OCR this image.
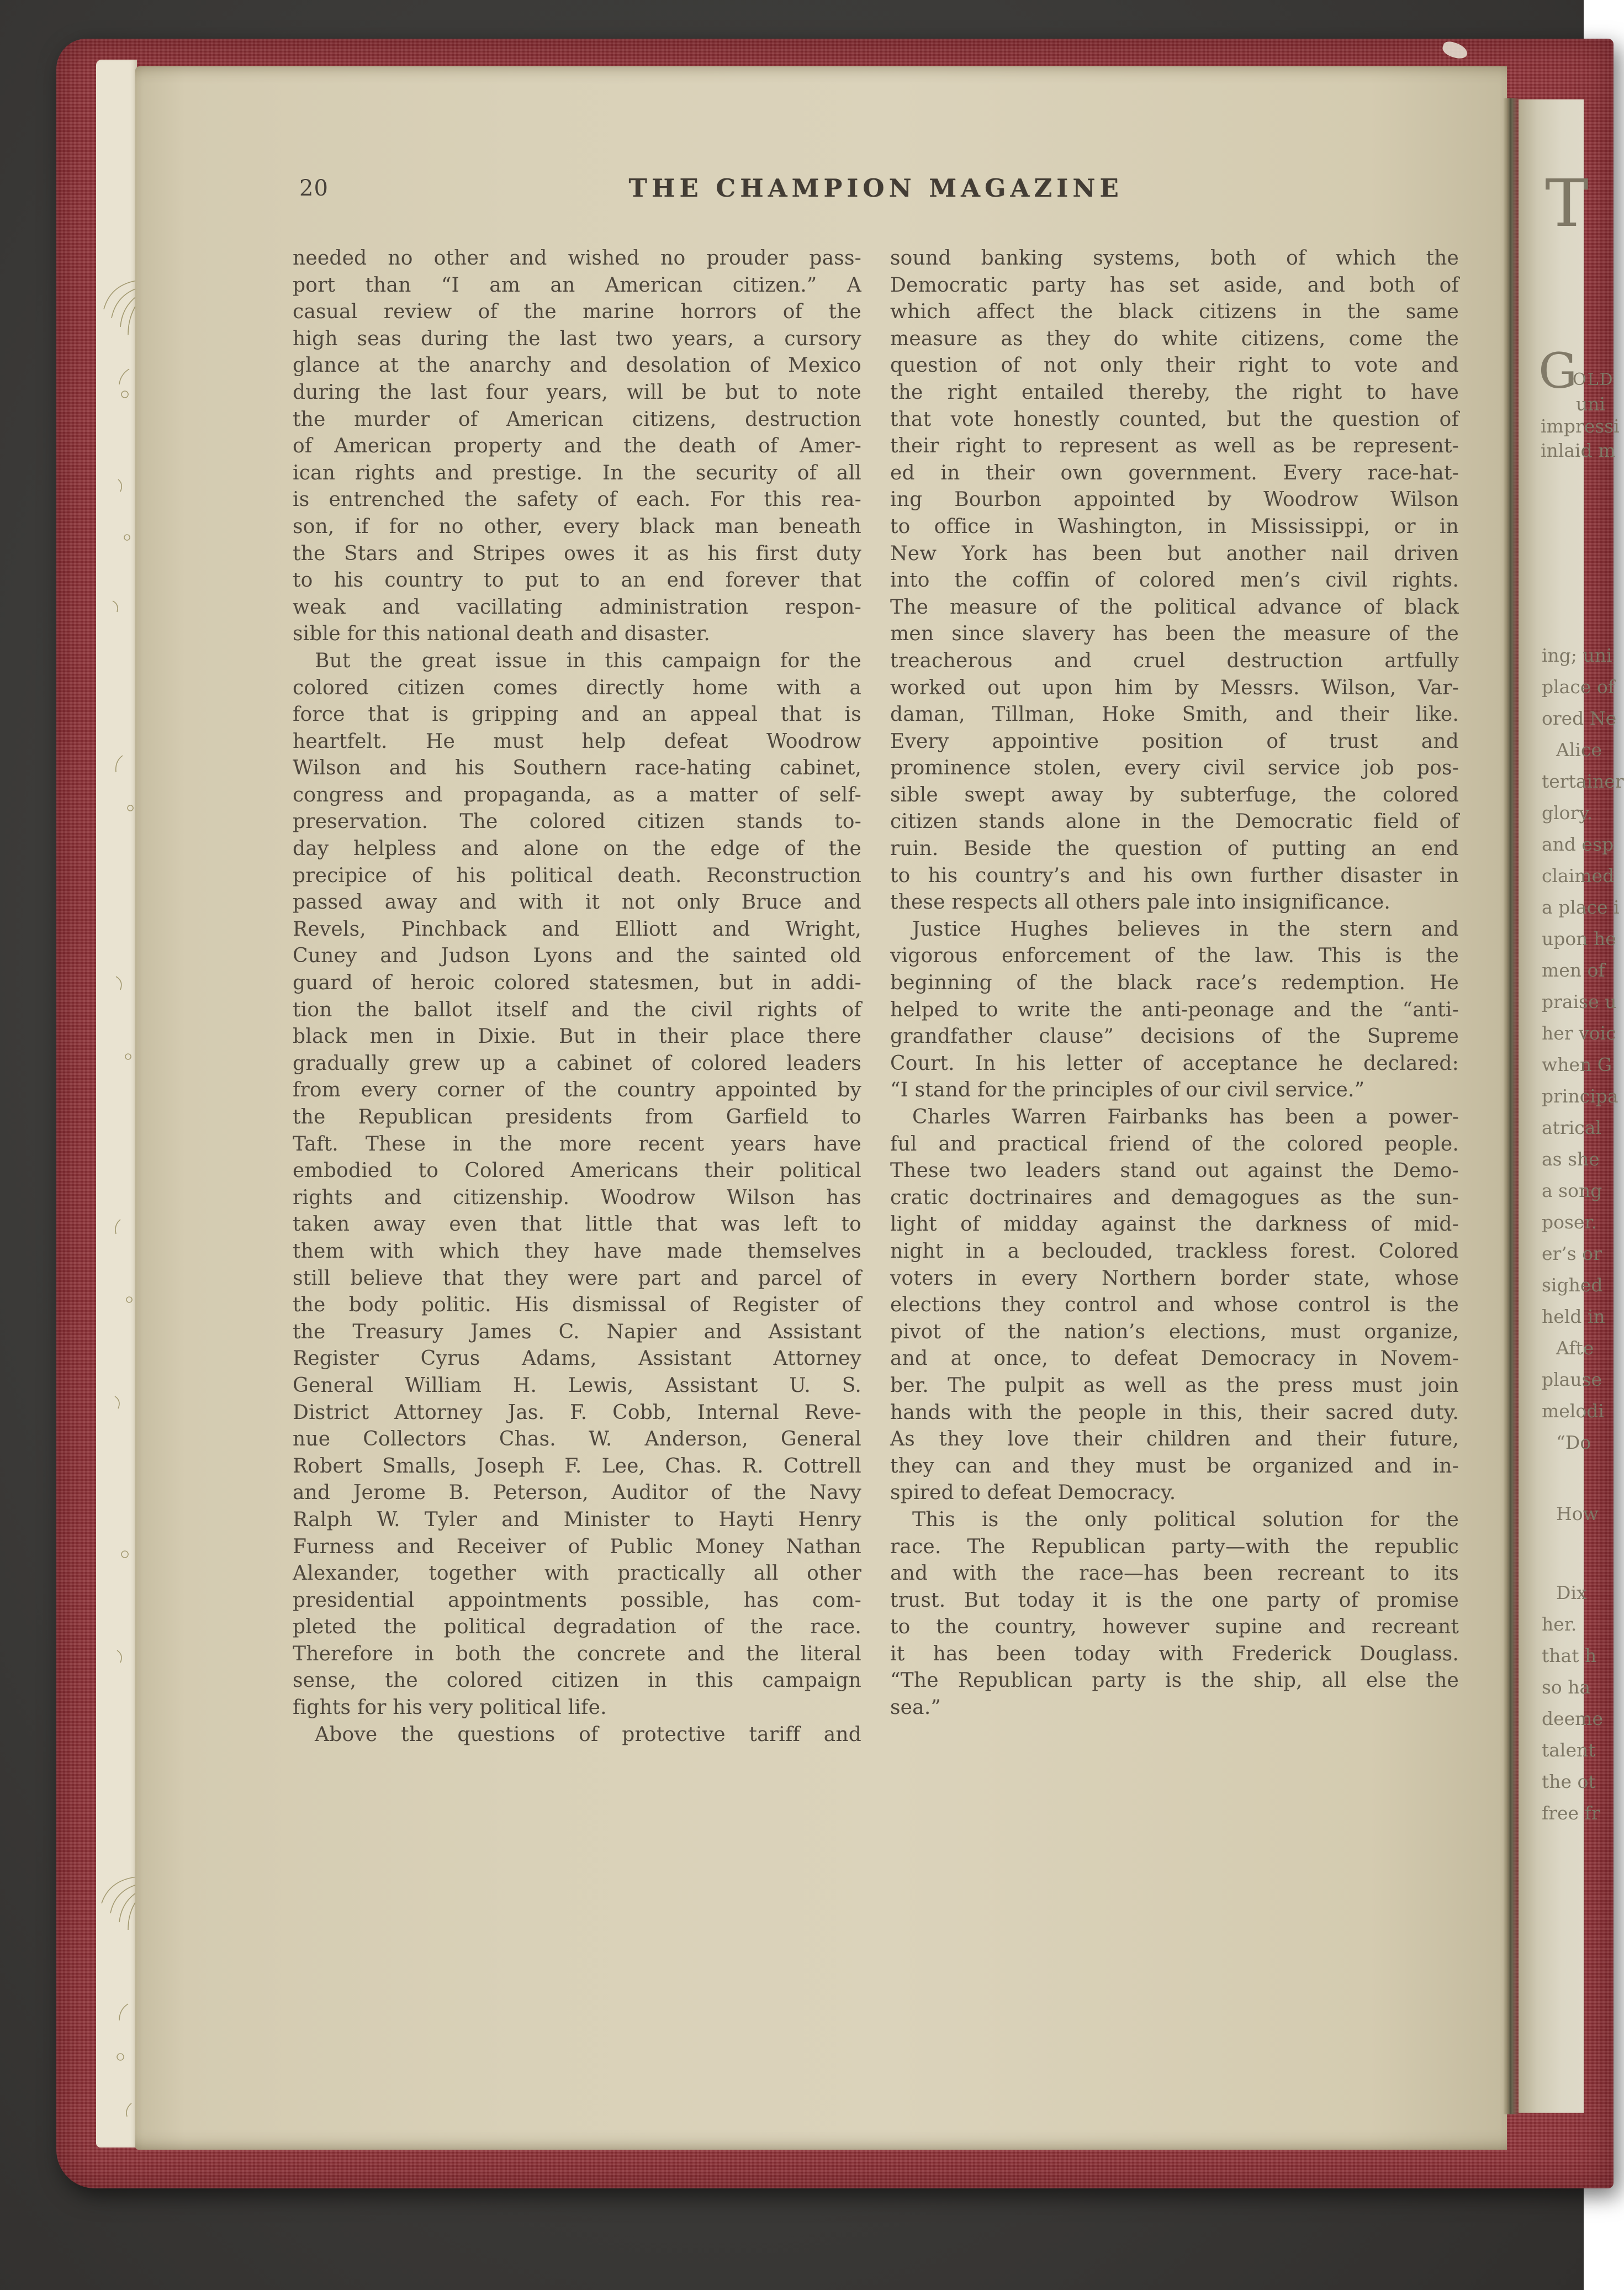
20	THE CHAMPION MAGAZINE
needed no other and wished no prouder pass-
port than “I am an American citizen.” A
casual review of the marine horrors of the
high seas during the last two years, a cursory
glance at the anarchy and desolation of Mexico
during the last four years, will be but to note
the murder of American citizens, destruction
of American property and the death of Amer-
ican rights and prestige. In the security of all
is entrenched the safety of each. For this rea-
son, if for no other, every black man beneath
the Stars and Stripes owes it as his first duty
to his country to put to an end forever that
weak and vacillating administration respon-
sible for this national death and disaster.
But the great issue in this campaign for the
colored citizen comes directly home with a
force that is gripping and an appeal that is
heartfelt. He must help defeat Woodrow
Wilson and his Southern race-hating cabinet,
congress and propaganda, as a matter of self-
preservation. The colored citizen stands to-
day helpless and alone on the edge of the
precipice of his political death. Reconstruction
passed away and with it not only Bruce and
Revels, Pinchback and Elliott and Wright,
Cuney and Judson Lyons and the sainted old
guard of heroic colored statesmen, but in addi-
tion the ballot itself and the civil rights of
black men in Dixie. But in their place there
gradually grew up a cabinet of colored leaders
from every corner of the country appointed by
the Republican presidents from Garfield to
Taft. These in the more recent years have
embodied to Colored Americans their political
rights and citizenship. Woodrow Wilson has
taken away even that little that was left to
them with which they have made themselves
still believe that they were part and parcel of
the body politic. His dismissal of Register of
the Treasury James C. Napier and Assistant
Register Cyrus Adams, Assistant Attorney
General William H. Lewis, Assistant U. S.
District Attorney Jas. F. Cobb, Internal Reve-
nue Collectors Chas. W. Anderson, General
Robert Smalls, Joseph F. Lee, Chas. R. Cottrell
and Jerome B. Peterson, Auditor of the Navy
Ralph W. Tyler and Minister to Hayti Henry
Furness and Receiver of Public Money Nathan
Alexander, together with practically all other
presidential appointments possible, has com-
pleted the political degradation of the race.
Therefore in both the concrete and the literal
sense, the colored citizen in this campaign
fights for his very political life.
Above the questions of protective tariff and
sound banking systems, both of which the
Democratic party has set aside, and both of
which affect the black citizens in the same
measure as they do white citizens, come the
question of not only their right to vote and
the right entailed thereby, the right to have
that vote honestly counted, but the question of
their right to represent as well as be represent-
ed in their own government. Every race-hat-
ing Bourbon appointed by Woodrow Wilson
to office in Washington, in Mississippi, or in
New York has been but another nail driven
into the coffin of colored men’s civil rights.
The measure of the political advance of black
men since slavery has been the measure of the
treacherous and cruel destruction artfully
worked out upon him by Messrs. Wilson, Var-
daman, Tillman, Hoke Smith, and their like.
Every appointive position of trust and
prominence stolen, every civil service job pos-
sible swept away by subterfuge, the colored
citizen stands alone in the Democratic field of
ruin. Beside the question of putting an end
to his country’s and his own further disaster in
these respects all others pale into insignificance.
Justice Hughes believes in the stern and
vigorous enforcement of the law. This is the
beginning of the black race’s redemption. He
helped to write the anti-peonage and the “anti-
grandfather clause” decisions of the Supreme
Court. In his letter of acceptance he declared:
“I stand for the principles of our civil service.”
Charles Warren Fairbanks has been a power-
ful and practical friend of the colored people.
These two leaders stand out against the Demo-
cratic doctrinaires and demagogues as the sun-
light of midday against the darkness of mid-
night in a beclouded, trackless forest. Colored
voters in every Northern border state, whose
elections they control and whose control is the
pivot of the nation’s elections, must organize,
and at once, to defeat Democracy in Novem-
ber. The pulpit as well as the press must join
hands with the people in this, their sacred duty.
As they love their children and their future,
they can and they must be organized and in-
spired to defeat Democracy.
This is the only political solution for the
race. The Republican party—with the republic
and with the race—has been recreant to its
trust. But today it is the one party of promise
to the country, however supine and recreant
it has been today with Frederick Douglass.
“The Republican party is the ship, all else the
sea.”
T
G
OLD
uni
impressi
inlaid m
ing; uni
place of
ored Ne
Alice
tertainer
glory.
and esp
claimed
a place i
upon he
men of
praise u
her voic
when G
principa
atrical
as she
a song
poser.
er’s or
sighed
held in
Afte
plause
melodi
“Do
How
Dix
her.
that h
so ha
deeme
talent
the ot
free fr
